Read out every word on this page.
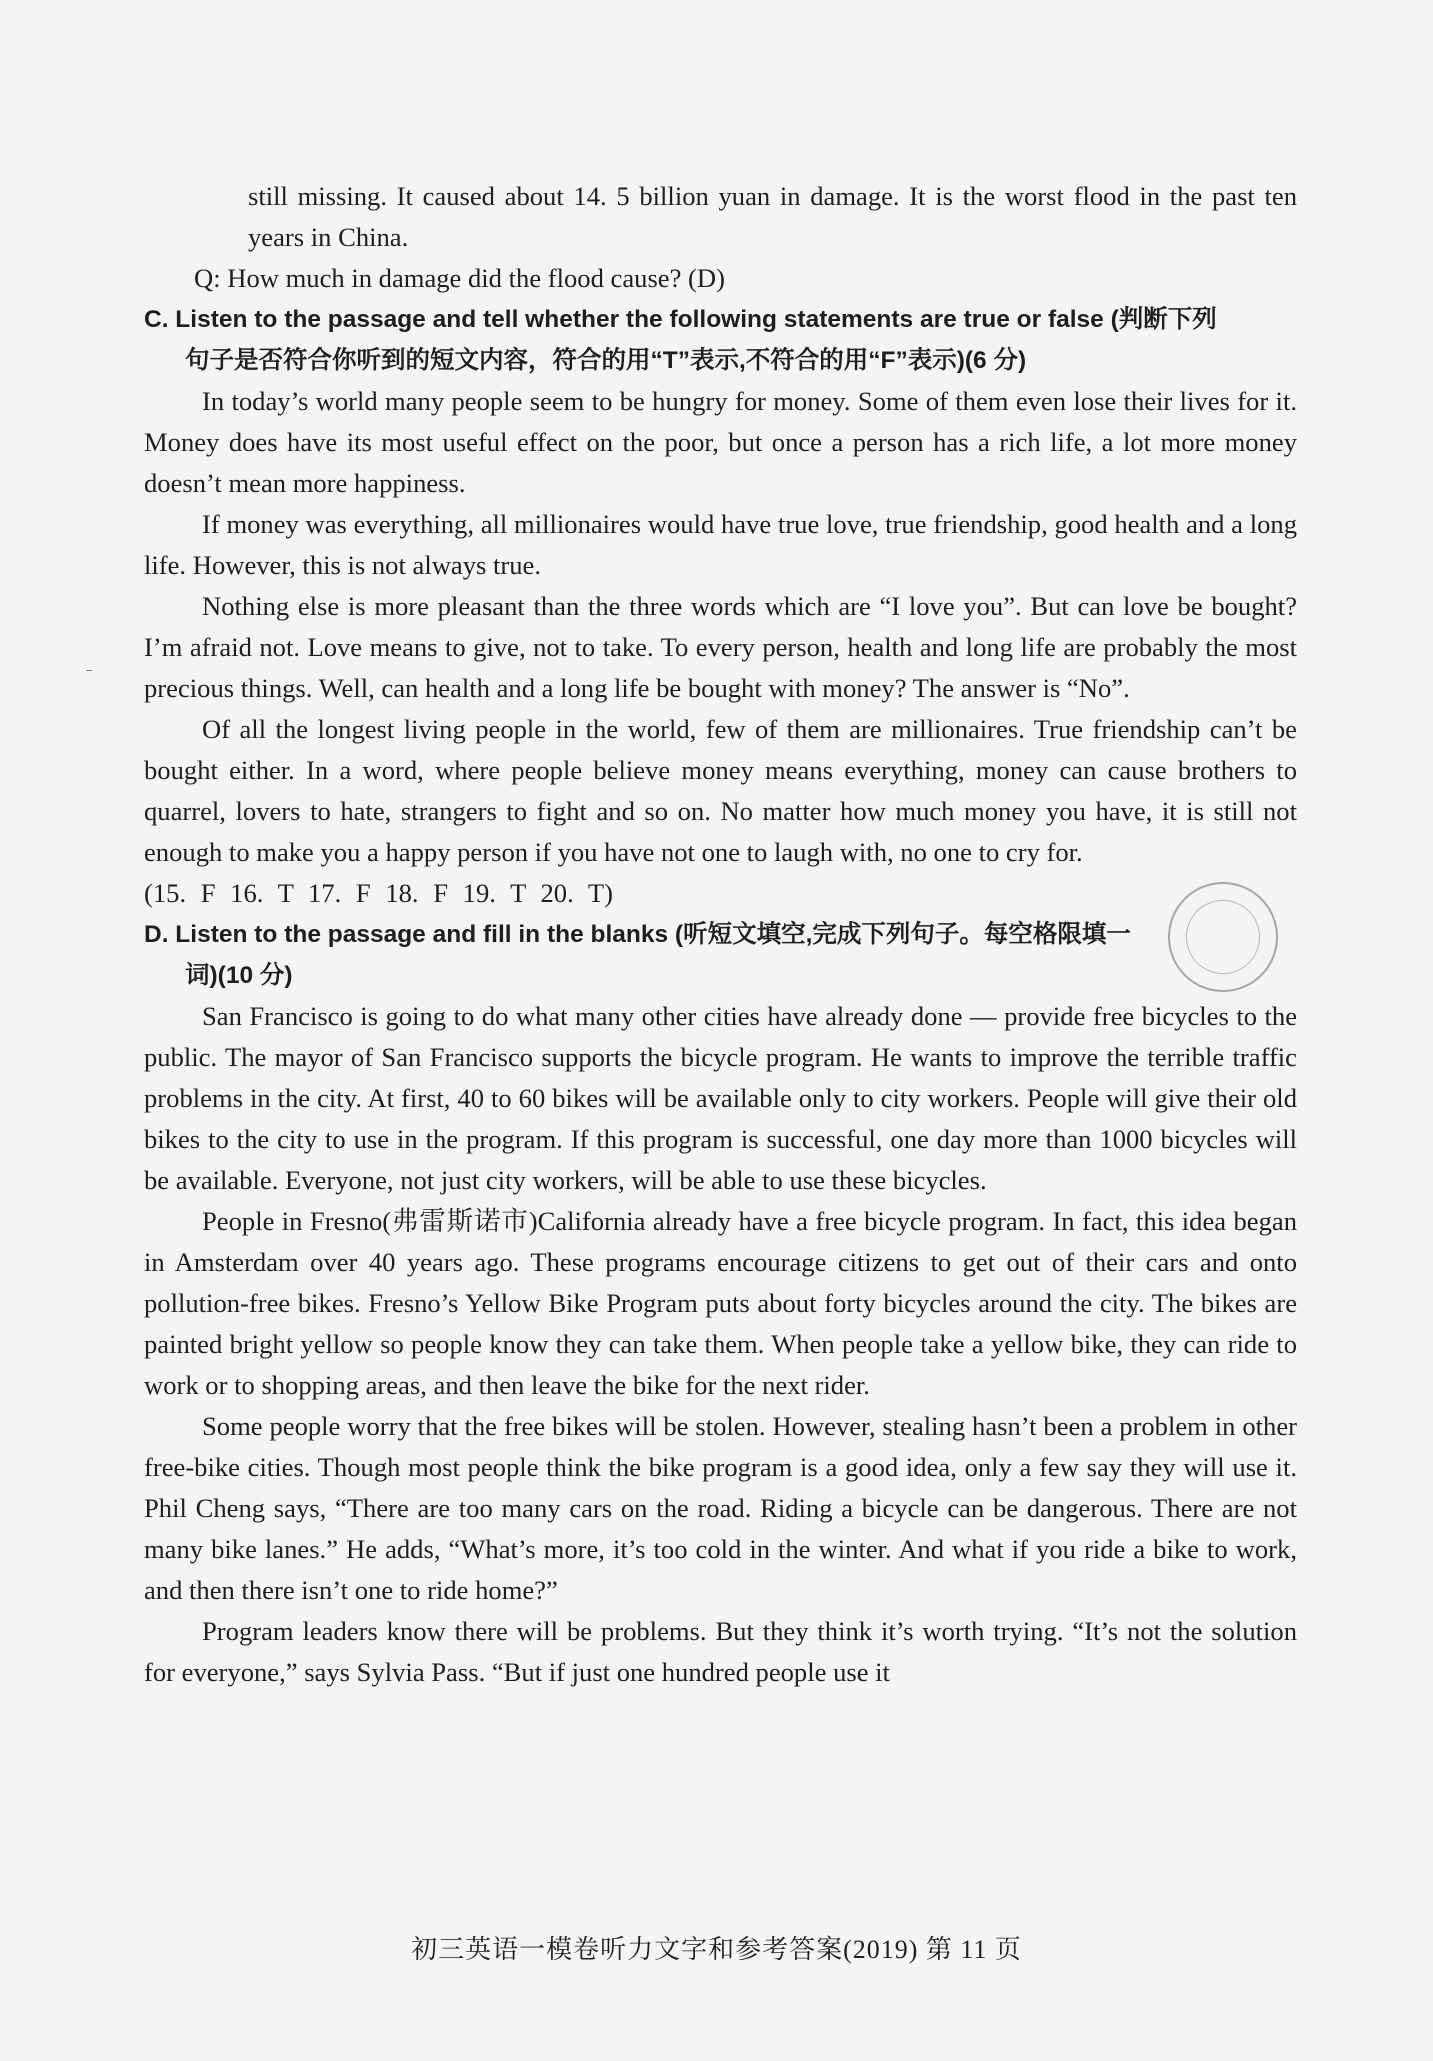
still missing. It caused about 14. 5 billion yuan in damage. It is the worst flood in the past ten years in China.

Q: How much in damage did the flood cause? (D)

C. Listen to the passage and tell whether the following statements are true or false (判断下列
句子是否符合你听到的短文内容，符合的用“T”表示,不符合的用“F”表示)(6 分)

In today’s world many people seem to be hungry for money. Some of them even lose their lives for it. Money does have its most useful effect on the poor, but once a person has a rich life, a lot more money doesn’t mean more happiness.

If money was everything, all millionaires would have true love, true friendship, good health and a long life. However, this is not always true.

Nothing else is more pleasant than the three words which are “I love you”. But can love be bought? I’m afraid not. Love means to give, not to take. To every person, health and long life are probably the most precious things. Well, can health and a long life be bought with money? The answer is “No”.

Of all the longest living people in the world, few of them are millionaires. True friendship can’t be bought either. In a word, where people believe money means everything, money can cause brothers to quarrel, lovers to hate, strangers to fight and so on. No matter how much money you have, it is still not enough to make you a happy person if you have not one to laugh with, no one to cry for.

(15. F 16. T 17. F 18. F 19. T 20. T)

D. Listen to the passage and fill in the blanks (听短文填空,完成下列句子。每空格限填一
词)(10 分)

San Francisco is going to do what many other cities have already done — provide free bicycles to the public. The mayor of San Francisco supports the bicycle program. He wants to improve the terrible traffic problems in the city. At first, 40 to 60 bikes will be available only to city workers. People will give their old bikes to the city to use in the program. If this program is successful, one day more than 1000 bicycles will be available. Everyone, not just city workers, will be able to use these bicycles.

People in Fresno(弗雷斯诺市)California already have a free bicycle program. In fact, this idea began in Amsterdam over 40 years ago. These programs encourage citizens to get out of their cars and onto pollution-free bikes. Fresno’s Yellow Bike Program puts about forty bicycles around the city. The bikes are painted bright yellow so people know they can take them. When people take a yellow bike, they can ride to work or to shopping areas, and then leave the bike for the next rider.

Some people worry that the free bikes will be stolen. However, stealing hasn’t been a problem in other free-bike cities. Though most people think the bike program is a good idea, only a few say they will use it. Phil Cheng says, “There are too many cars on the road. Riding a bicycle can be dangerous. There are not many bike lanes.” He adds, “What’s more, it’s too cold in the winter. And what if you ride a bike to work, and then there isn’t one to ride home?”

Program leaders know there will be problems. But they think it’s worth trying. “It’s not the solution for everyone,” says Sylvia Pass. “But if just one hundred people use it

初三英语一模卷听力文字和参考答案(2019) 第 11 页
